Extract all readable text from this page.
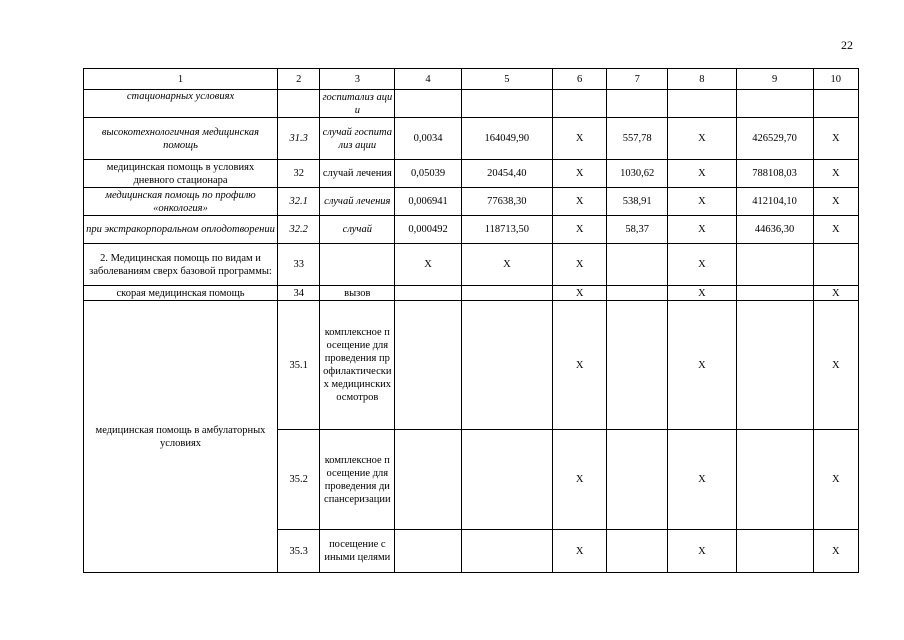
22
1	2	3	4	5	6	7	8	9	10
стационарных условиях		госпитализ ации							
высокотехнологичная медицинская помощь	31.3	случай госпитализ ации	0,0034	164049,90	X	557,78	X	426529,70	X
медицинская помощь в условиях дневного стационара	32	случай лечения	0,05039	20454,40	X	1030,62	X	788108,03	X
медицинская помощь по профилю «онкология»	32.1	случай лечения	0,006941	77638,30	X	538,91	X	412104,10	X
при экстракорпоральном оплодотворении	32.2	случай	0,000492	118713,50	X	58,37	X	44636,30	X
2. Медицинская помощь по видам и заболеваниям сверх базовой программы:	33		X	X	X		X		
скорая медицинская помощь	34	вызов			X		X		X
медицинская помощь в амбулаторных условиях	35.1	комплексное посещение для проведения профилактических медицинских осмотров			X		X		X
	35.2	комплексное посещение для проведения диспансеризации			X		X		X
	35.3	посещение с иными целями			X		X		X
